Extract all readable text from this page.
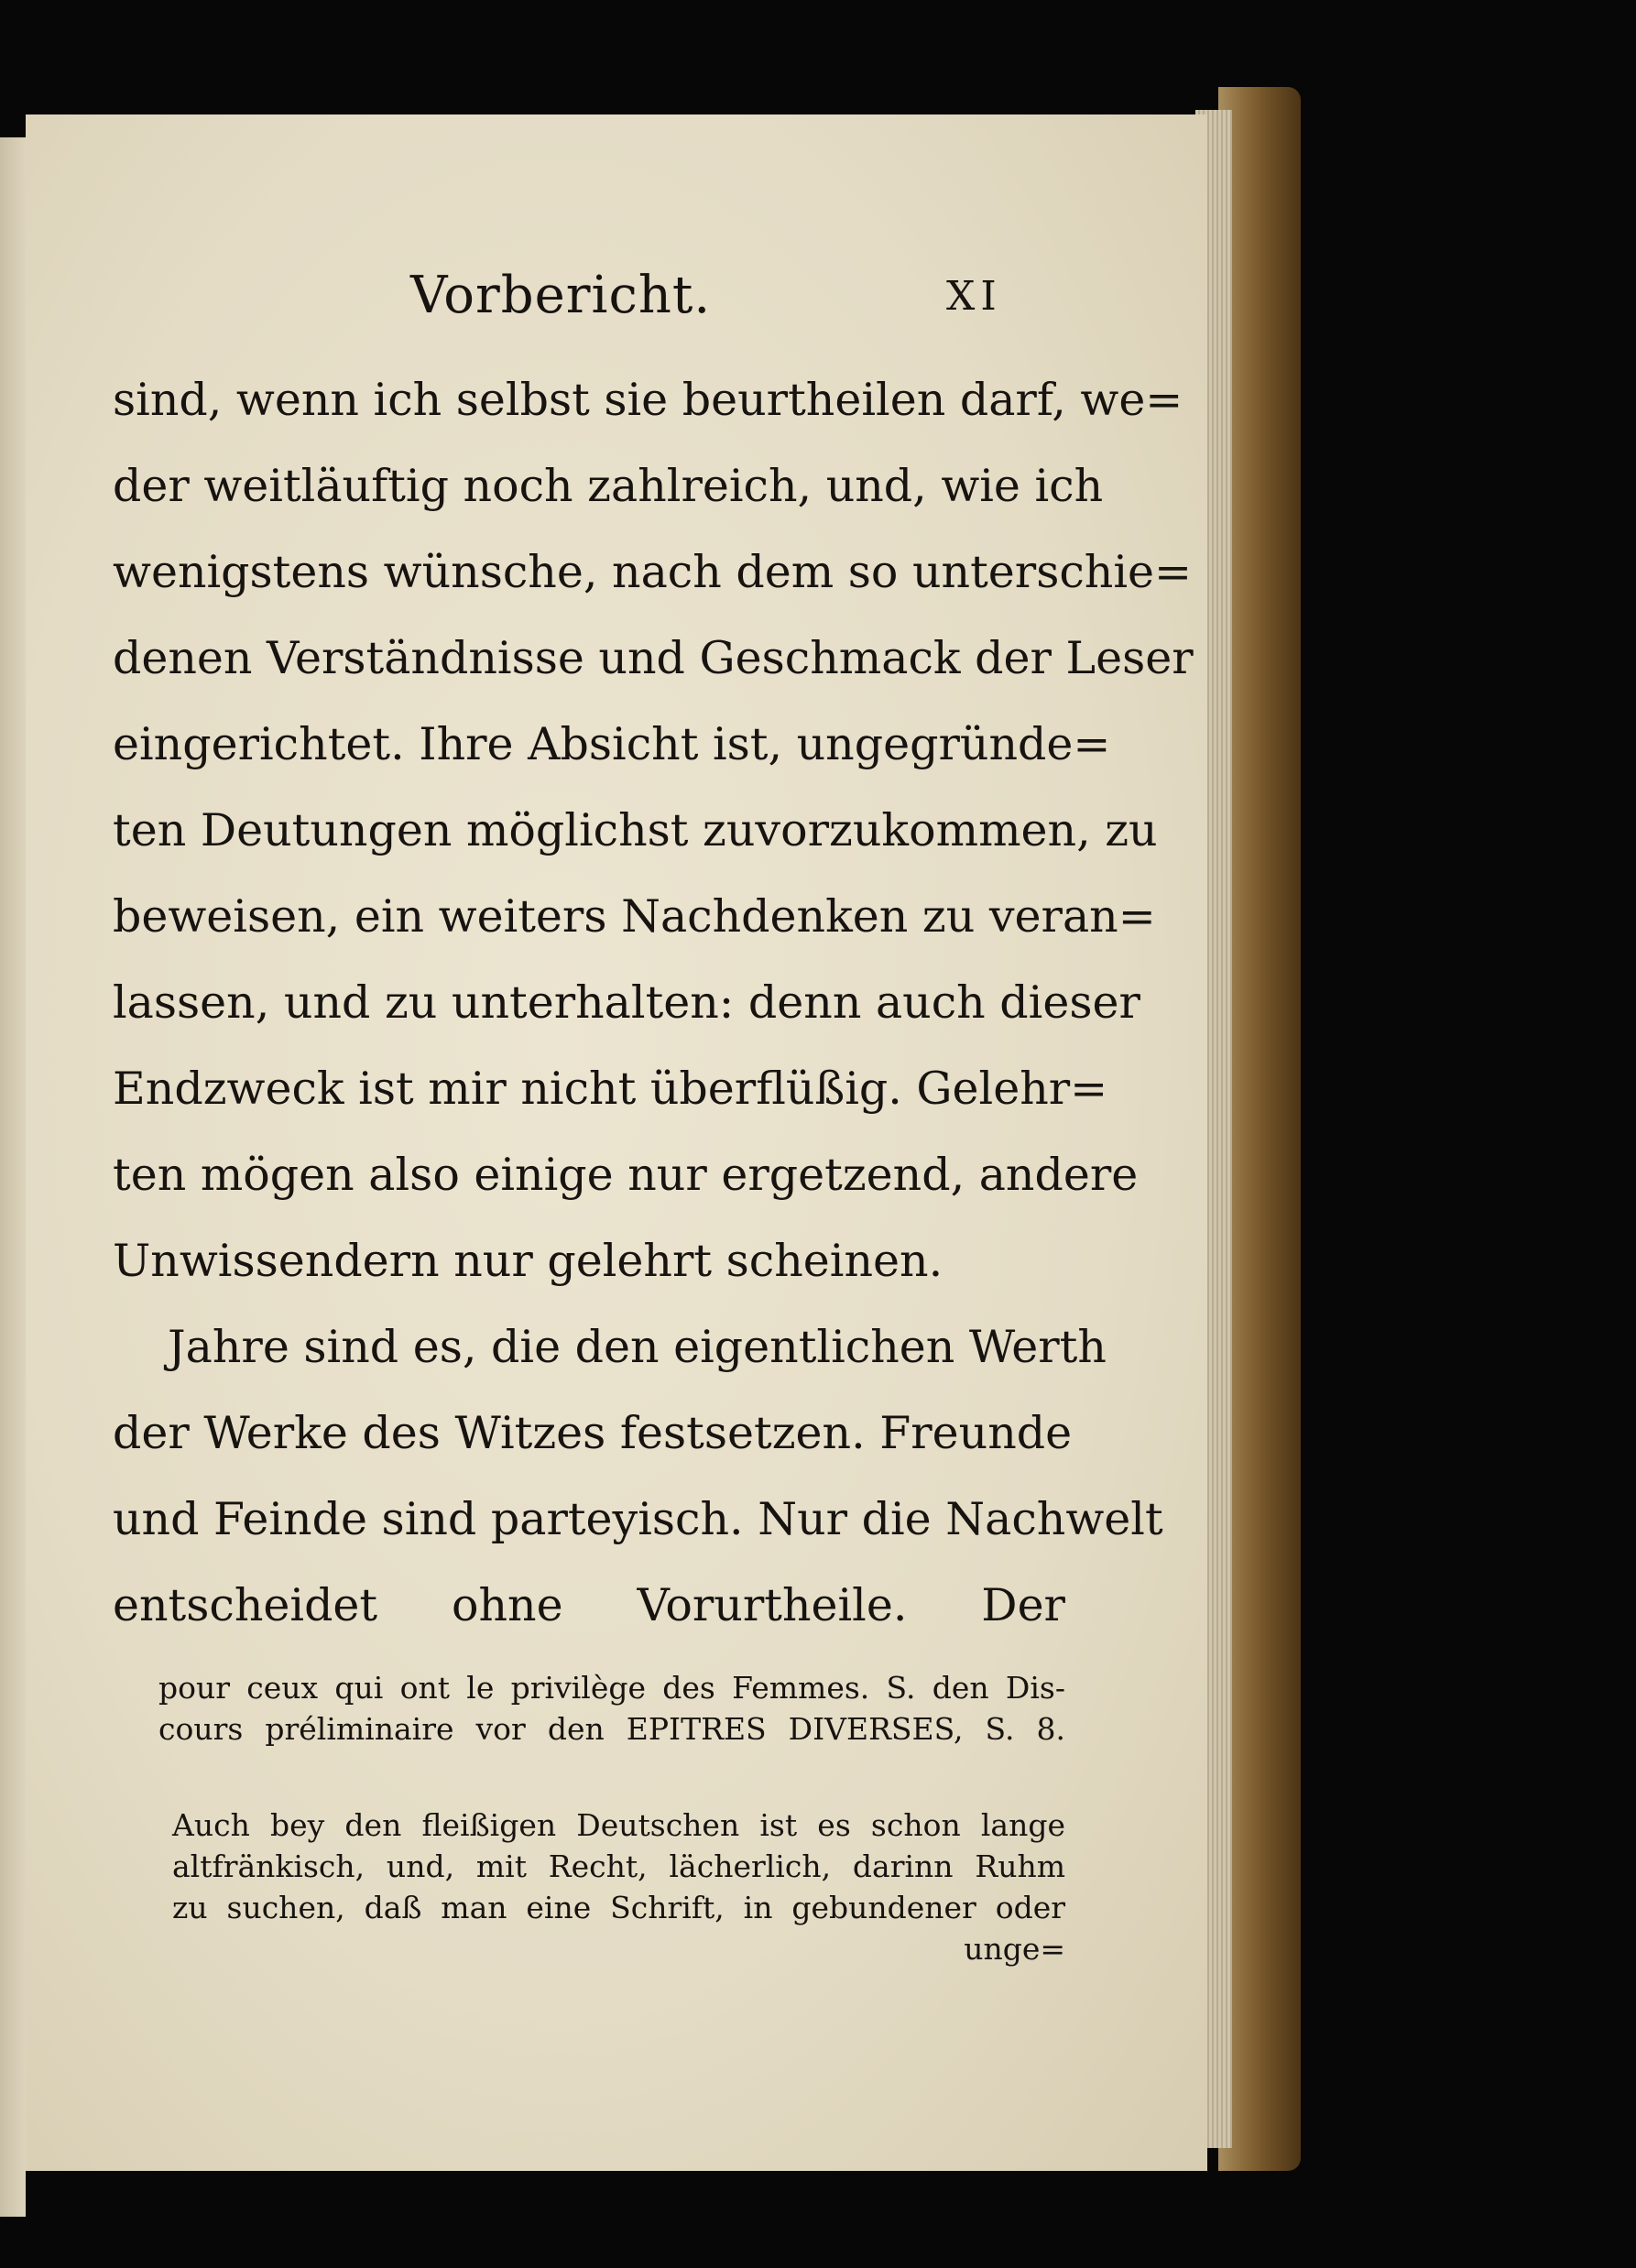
Vorbericht.	XI
sind, wenn ich selbst sie beurtheilen darf, we=
der weitläuftig noch zahlreich, und, wie ich
wenigstens wünsche, nach dem so unterschie=
denen Verständnisse und Geschmack der Leser
eingerichtet. Ihre Absicht ist, ungegründe=
ten Deutungen möglichst zuvorzukommen, zu
beweisen, ein weiters Nachdenken zu veran=
lassen, und zu unterhalten: denn auch dieser
Endzweck ist mir nicht überflüßig. Gelehr=
ten mögen also einige nur ergetzend, andere
Unwissendern nur gelehrt scheinen.
Jahre sind es, die den eigentlichen Werth
der Werke des Witzes festsetzen. Freunde
und Feinde sind parteyisch. Nur die Nachwelt
entscheidet ohne Vorurtheile. Der
pour ceux qui ont le privilège des Femmes. S. den Dis-
cours préliminaire vor den EPITRES DIVERSES, S. 8.
Auch bey den fleißigen Deutschen ist es schon lange
altfränkisch, und, mit Recht, lächerlich, darinn Ruhm
zu suchen, daß man eine Schrift, in gebundener oder
unge=
